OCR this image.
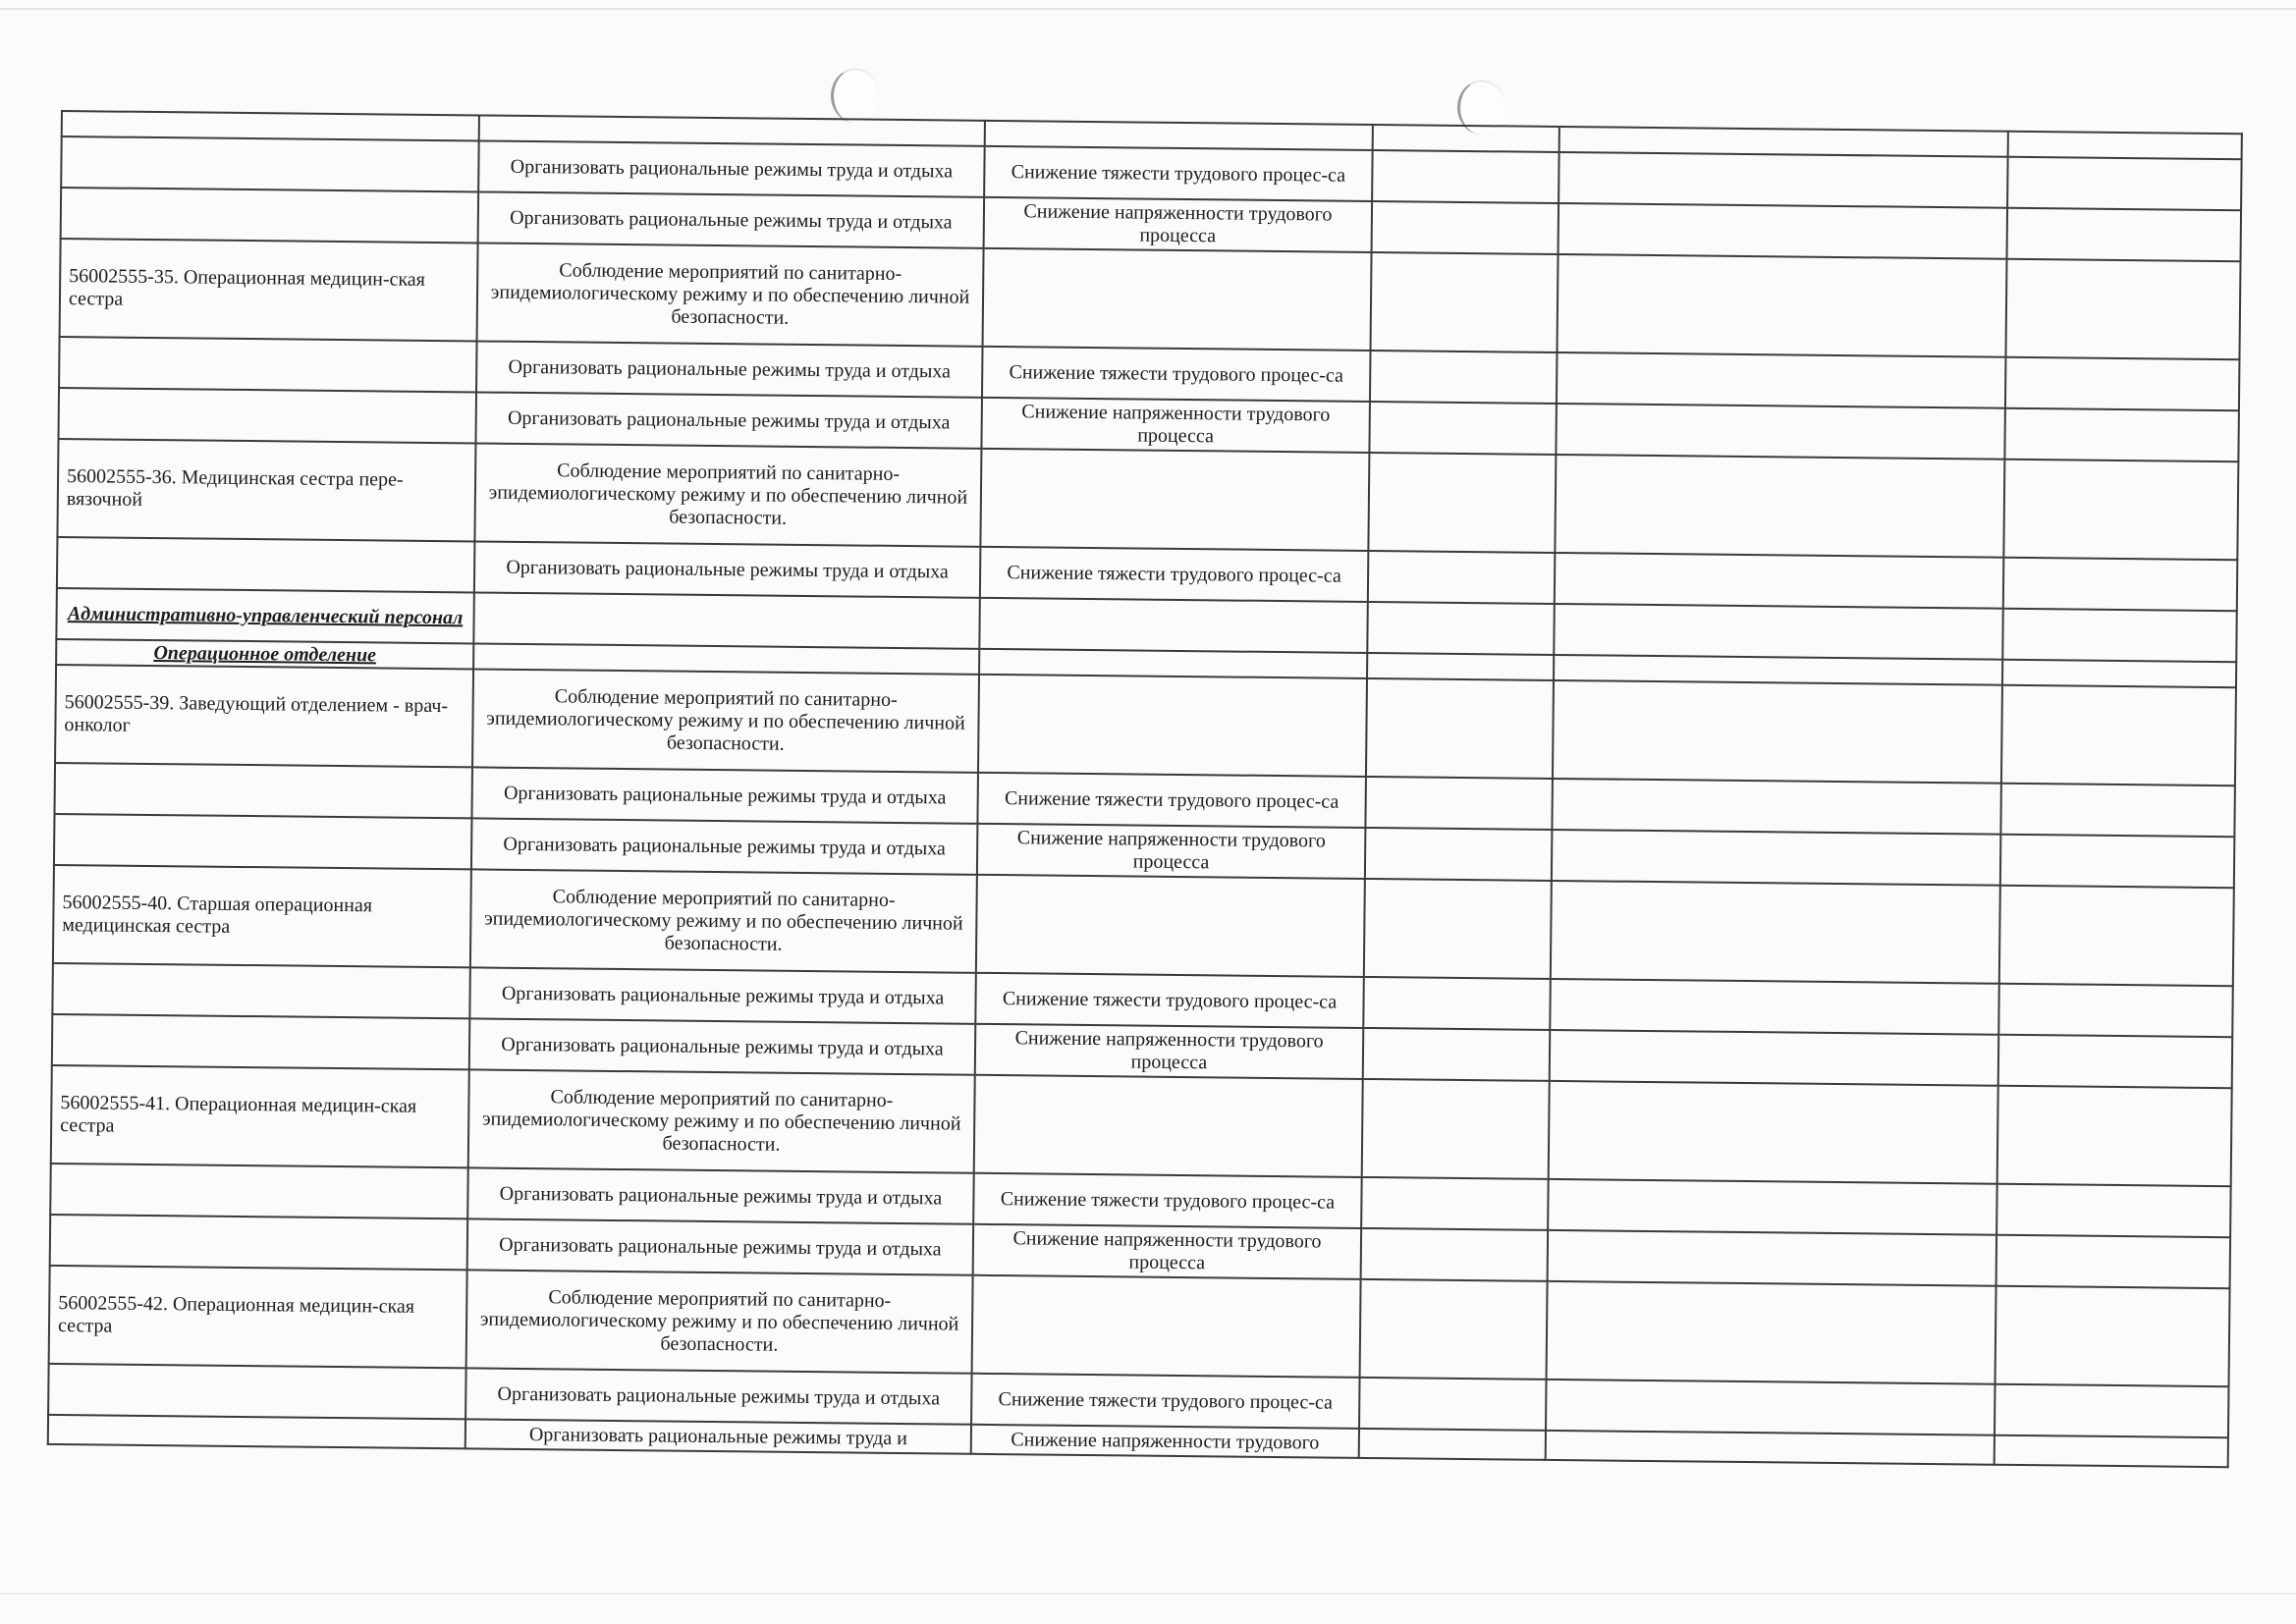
	Организовать рациональные режимы труда и отдыха	Снижение тяжести трудового процес-са			
	Организовать рациональные режимы труда и отдыха	Снижение напряженности трудового процесса			
56002555-35. Операционная медицин-ская сестра	Соблюдение мероприятий по санитарно-эпидемиологическому режиму и по обеспечению личной безопасности.				
	Организовать рациональные режимы труда и отдыха	Снижение тяжести трудового процес-са			
	Организовать рациональные режимы труда и отдыха	Снижение напряженности трудового процесса			
56002555-36. Медицинская сестра пере-вязочной	Соблюдение мероприятий по санитарно-эпидемиологическому режиму и по обеспечению личной безопасности.				
	Организовать рациональные режимы труда и отдыха	Снижение тяжести трудового процес-са			
Административно-управленческий персонал					
Операционное отделение					
56002555-39. Заведующий отделением - врач-онколог	Соблюдение мероприятий по санитарно-эпидемиологическому режиму и по обеспечению личной безопасности.				
	Организовать рациональные режимы труда и отдыха	Снижение тяжести трудового процес-са			
	Организовать рациональные режимы труда и отдыха	Снижение напряженности трудового процесса			
56002555-40. Старшая операционная медицинская сестра	Соблюдение мероприятий по санитарно-эпидемиологическому режиму и по обеспечению личной безопасности.				
	Организовать рациональные режимы труда и отдыха	Снижение тяжести трудового процес-са			
	Организовать рациональные режимы труда и отдыха	Снижение напряженности трудового процесса			
56002555-41. Операционная медицин-ская сестра	Соблюдение мероприятий по санитарно-эпидемиологическому режиму и по обеспечению личной безопасности.				
	Организовать рациональные режимы труда и отдыха	Снижение тяжести трудового процес-са			
	Организовать рациональные режимы труда и отдыха	Снижение напряженности трудового процесса			
56002555-42. Операционная медицин-ская сестра	Соблюдение мероприятий по санитарно-эпидемиологическому режиму и по обеспечению личной безопасности.				
	Организовать рациональные режимы труда и отдыха	Снижение тяжести трудового процес-са			
	Организовать рациональные режимы труда и	Снижение напряженности трудового			
